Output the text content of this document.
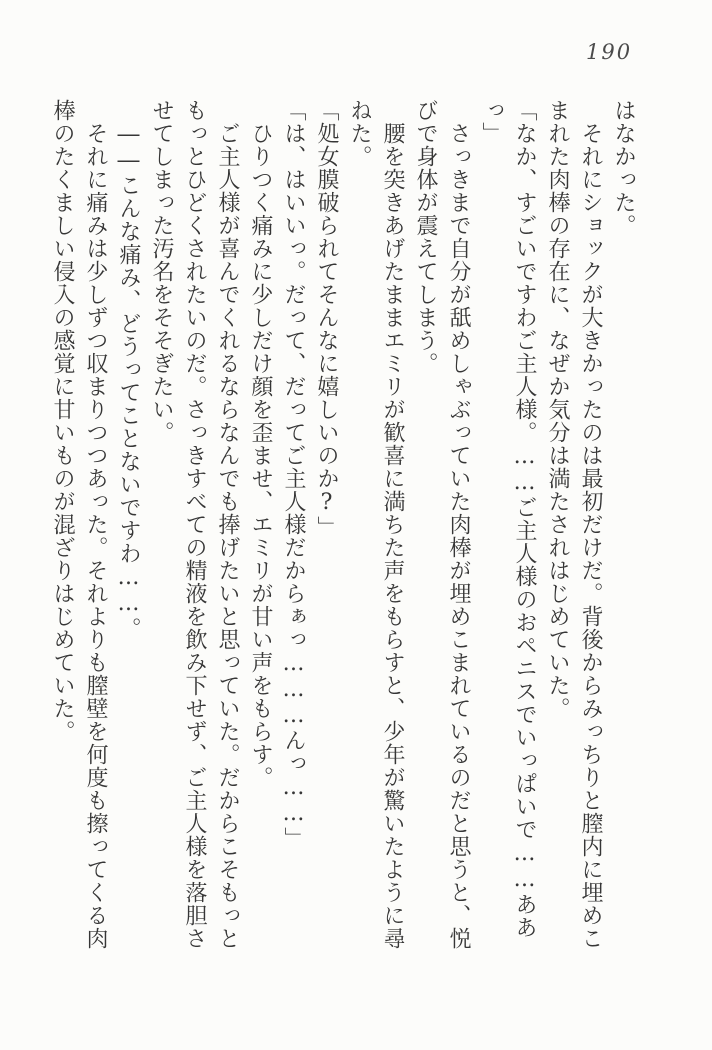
190

はなかった。

それにショックが大きかったのは最初だけだ。背後からみっちりと膣内に埋めこまれた肉棒の存在に、なぜか気分は満たされはじめていた。

「なか、すごいですわご主人様。……ご主人様のおペニスでいっぱいで……ああっ」

さっきまで自分が舐めしゃぶっていた肉棒が埋めこまれているのだと思うと、悦びで身体が震えてしまう。

腰を突きあげたままエミリが歓喜に満ちた声をもらすと、少年が驚いたように尋ねた。

「処女膜破られてそんなに嬉しいのか?」

「は、はいいっ。だって、だってご主人様だからぁっ………んっ……」

ひりつく痛みに少しだけ顔を歪ませ、エミリが甘い声をもらす。

ご主人様が喜んでくれるならなんでも捧げたいと思っていた。だからこそもっともっとひどくされたいのだ。さっきすべての精液を飲み下せず、ご主人様を落胆させてしまった汚名をそそぎたい。

――こんな痛み、どうってことないですわ……。

それに痛みは少しずつ収まりつつあった。それよりも膣壁を何度も擦ってくる肉棒のたくましい侵入の感覚に甘いものが混ざりはじめていた。
